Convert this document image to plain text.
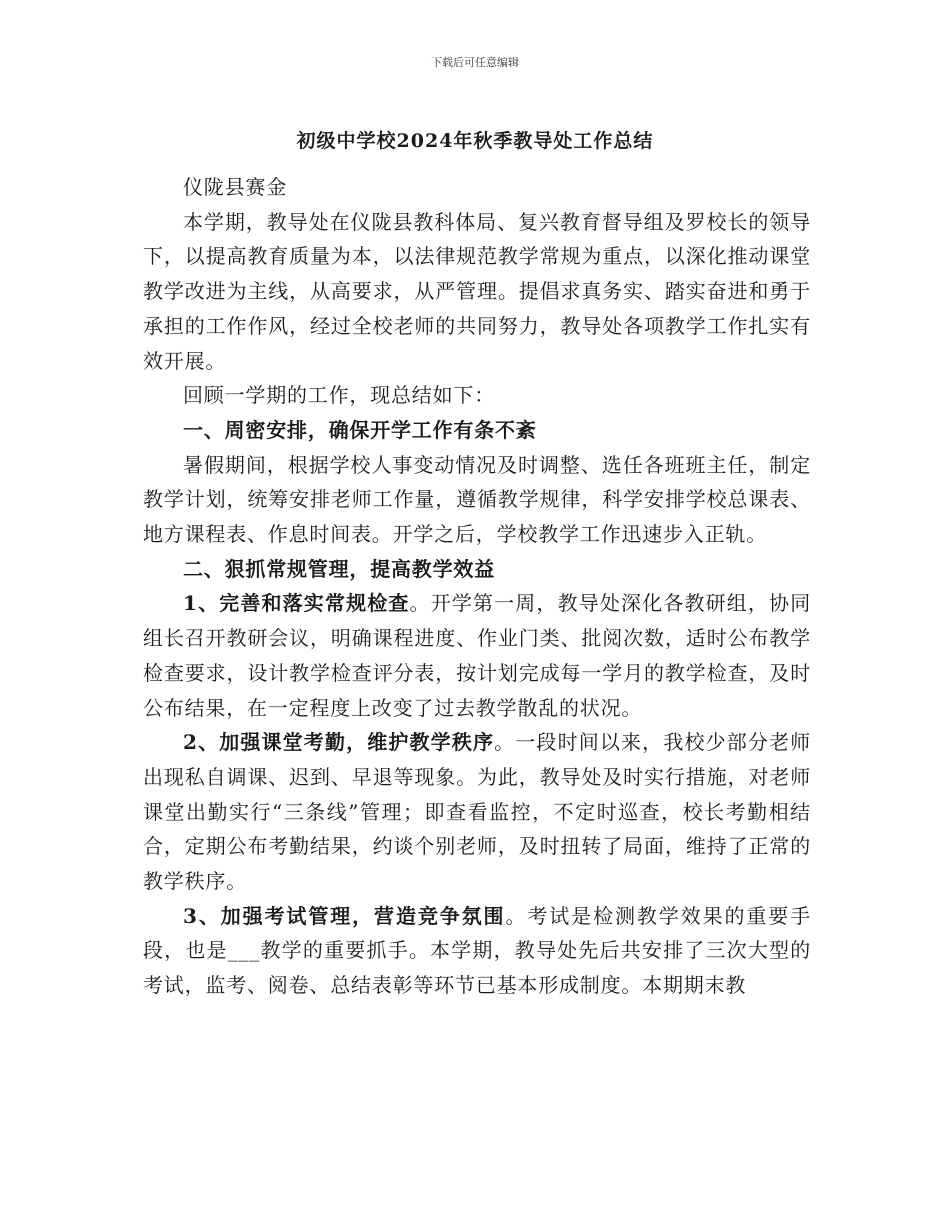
下载后可任意编辑
初级中学校2024年秋季教导处工作总结

仪陇县赛金

本学期，教导处在仪陇县教科体局、复兴教育督导组及罗校长的领导下，以提高教育质量为本，以法律规范教学常规为重点，以深化推动课堂教学改进为主线，从高要求，从严管理。提倡求真务实、踏实奋进和勇于承担的工作作风，经过全校老师的共同努力，教导处各项教学工作扎实有效开展。

回顾一学期的工作，现总结如下：

一、周密安排，确保开学工作有条不紊

暑假期间，根据学校人事变动情况及时调整、选任各班班主任，制定教学计划，统筹安排老师工作量，遵循教学规律，科学安排学校总课表、地方课程表、作息时间表。开学之后，学校教学工作迅速步入正轨。

二、狠抓常规管理，提高教学效益

1、完善和落实常规检查。开学第一周，教导处深化各教研组，协同组长召开教研会议，明确课程进度、作业门类、批阅次数，适时公布教学检查要求，设计教学检查评分表，按计划完成每一学月的教学检查，及时公布结果，在一定程度上改变了过去教学散乱的状况。

2、加强课堂考勤，维护教学秩序。一段时间以来，我校少部分老师出现私自调课、迟到、早退等现象。为此，教导处及时实行措施，对老师课堂出勤实行“三条线”管理；即查看监控，不定时巡查，校长考勤相结合，定期公布考勤结果，约谈个别老师，及时扭转了局面，维持了正常的教学秩序。

3、加强考试管理，营造竞争氛围。考试是检测教学效果的重要手段，也是___教学的重要抓手。本学期，教导处先后共安排了三次大型的考试，监考、阅卷、总结表彰等环节已基本形成制度。本期期末教
